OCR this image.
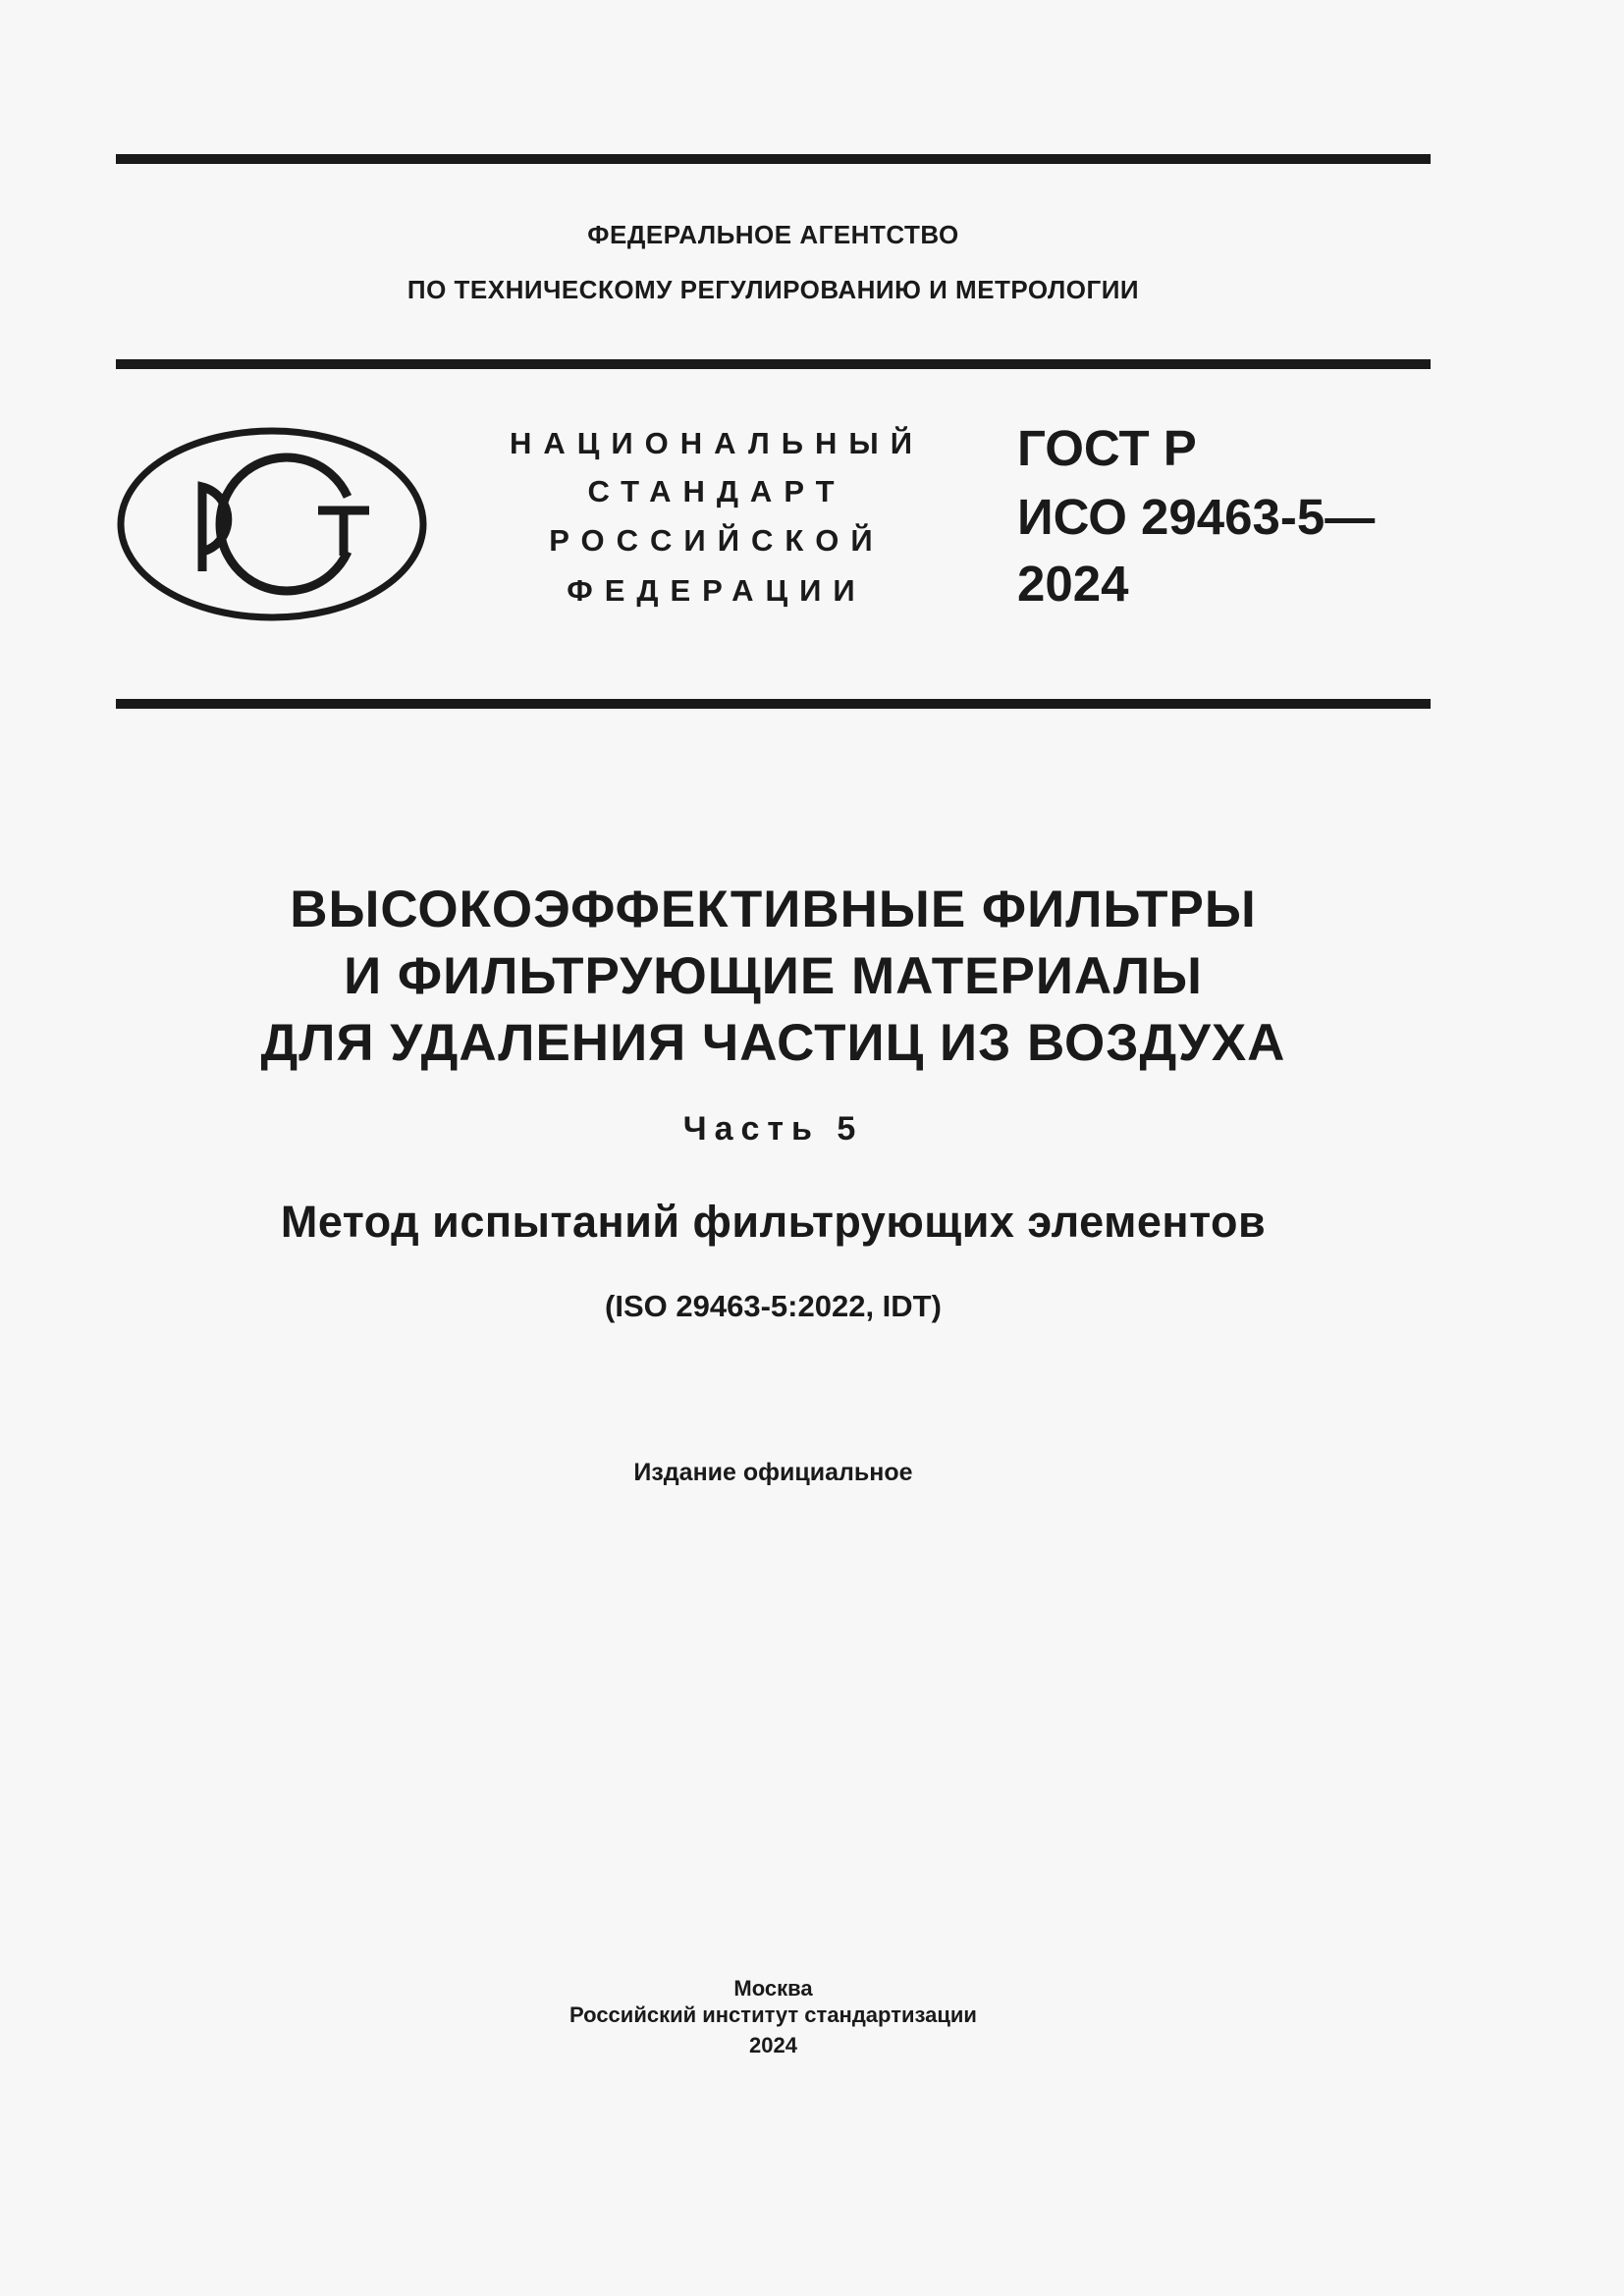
ФЕДЕРАЛЬНОЕ АГЕНТСТВО
ПО ТЕХНИЧЕСКОМУ РЕГУЛИРОВАНИЮ И МЕТРОЛОГИИ
НАЦИОНАЛЬНЫЙ
СТАНДАРТ
РОССИЙСКОЙ
ФЕДЕРАЦИИ
ГОСТ Р
ИСО 29463-5—
2024
ВЫСОКОЭФФЕКТИВНЫЕ ФИЛЬТРЫ
И ФИЛЬТРУЮЩИЕ МАТЕРИАЛЫ
ДЛЯ УДАЛЕНИЯ ЧАСТИЦ ИЗ ВОЗДУХА
Часть 5
Метод испытаний фильтрующих элементов
(ISO 29463-5:2022, IDT)
Издание официальное
Москва
Российский институт стандартизации
2024
